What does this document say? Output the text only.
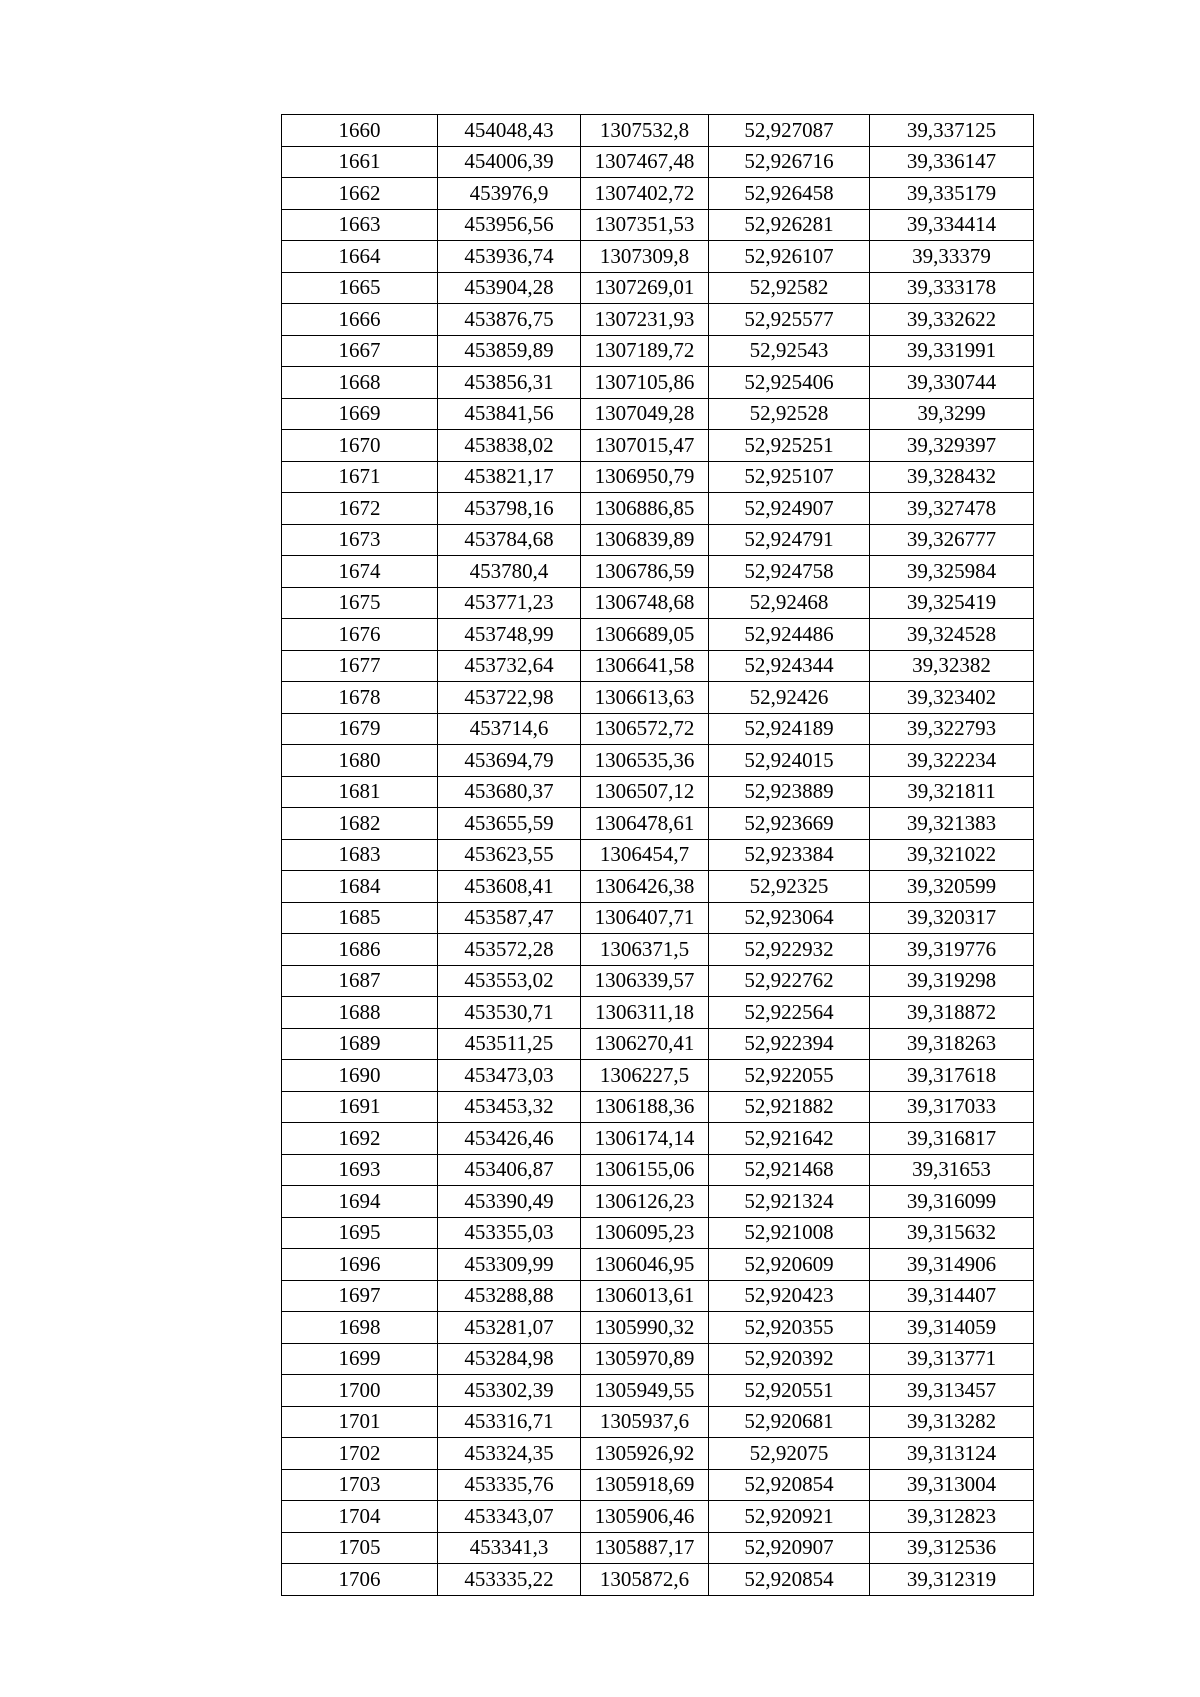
1660	454048,43	1307532,8	52,927087	39,337125
1661	454006,39	1307467,48	52,926716	39,336147
1662	453976,9	1307402,72	52,926458	39,335179
1663	453956,56	1307351,53	52,926281	39,334414
1664	453936,74	1307309,8	52,926107	39,33379
1665	453904,28	1307269,01	52,92582	39,333178
1666	453876,75	1307231,93	52,925577	39,332622
1667	453859,89	1307189,72	52,92543	39,331991
1668	453856,31	1307105,86	52,925406	39,330744
1669	453841,56	1307049,28	52,92528	39,3299
1670	453838,02	1307015,47	52,925251	39,329397
1671	453821,17	1306950,79	52,925107	39,328432
1672	453798,16	1306886,85	52,924907	39,327478
1673	453784,68	1306839,89	52,924791	39,326777
1674	453780,4	1306786,59	52,924758	39,325984
1675	453771,23	1306748,68	52,92468	39,325419
1676	453748,99	1306689,05	52,924486	39,324528
1677	453732,64	1306641,58	52,924344	39,32382
1678	453722,98	1306613,63	52,92426	39,323402
1679	453714,6	1306572,72	52,924189	39,322793
1680	453694,79	1306535,36	52,924015	39,322234
1681	453680,37	1306507,12	52,923889	39,321811
1682	453655,59	1306478,61	52,923669	39,321383
1683	453623,55	1306454,7	52,923384	39,321022
1684	453608,41	1306426,38	52,92325	39,320599
1685	453587,47	1306407,71	52,923064	39,320317
1686	453572,28	1306371,5	52,922932	39,319776
1687	453553,02	1306339,57	52,922762	39,319298
1688	453530,71	1306311,18	52,922564	39,318872
1689	453511,25	1306270,41	52,922394	39,318263
1690	453473,03	1306227,5	52,922055	39,317618
1691	453453,32	1306188,36	52,921882	39,317033
1692	453426,46	1306174,14	52,921642	39,316817
1693	453406,87	1306155,06	52,921468	39,31653
1694	453390,49	1306126,23	52,921324	39,316099
1695	453355,03	1306095,23	52,921008	39,315632
1696	453309,99	1306046,95	52,920609	39,314906
1697	453288,88	1306013,61	52,920423	39,314407
1698	453281,07	1305990,32	52,920355	39,314059
1699	453284,98	1305970,89	52,920392	39,313771
1700	453302,39	1305949,55	52,920551	39,313457
1701	453316,71	1305937,6	52,920681	39,313282
1702	453324,35	1305926,92	52,92075	39,313124
1703	453335,76	1305918,69	52,920854	39,313004
1704	453343,07	1305906,46	52,920921	39,312823
1705	453341,3	1305887,17	52,920907	39,312536
1706	453335,22	1305872,6	52,920854	39,312319
